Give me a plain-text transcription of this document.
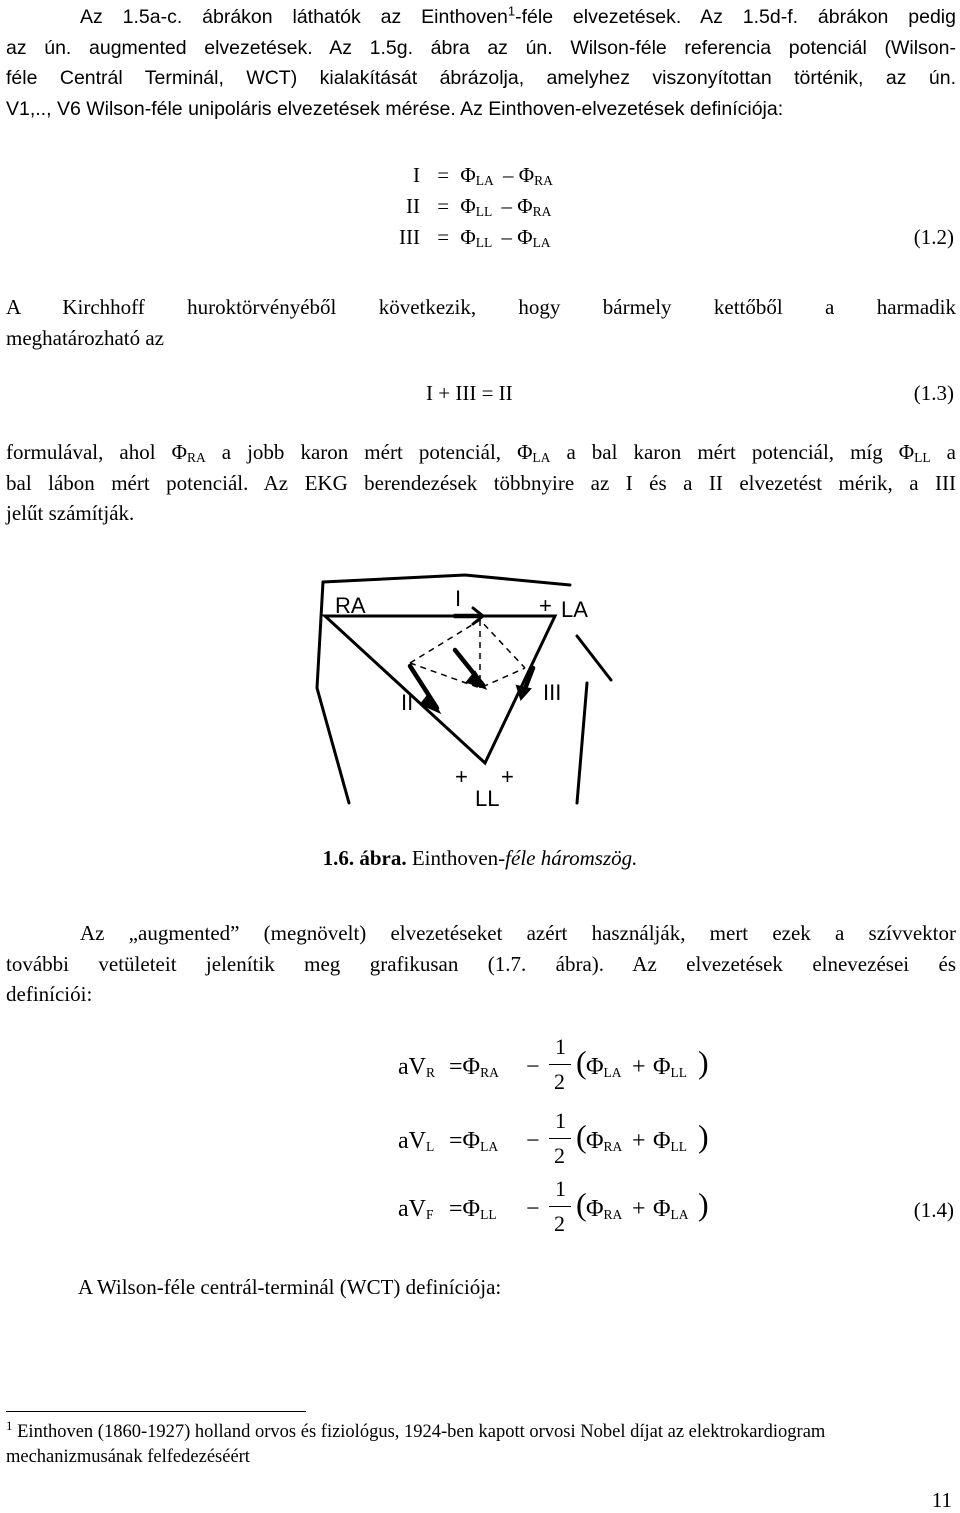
Az 1.5a-c. ábrákon láthatók az Einthoven$^1$-féle elvezetések. Az 1.5d-f. ábrákon pedig
az ún. augmented elvezetések. Az 1.5g. ábra az ún. Wilson-féle referencia potenciál (Wilson-
féle Centrál Terminál, WCT) kialakítását ábrázolja, amelyhez viszonyítottan történik, az ún.
V1,.., V6 Wilson-féle unipoláris elvezetések mérése. Az Einthoven-elvezetések definíciója:
$I = \Phi_{LA} - \Phi_{RA}$
II = $\Phi_{LL} - \Phi_{RA}$
III = $\Phi_{LL} - \Phi_{LA}$	(1.2)
A Kirchhoff huroktörvényéből következik, hogy bármely kettőből a harmadik
meghatározható az
I + III = II	(1.3)
formulával, ahol $\Phi_{RA}$ a jobb karon mért potenciál, $\Phi_{LA}$ a bal karon mért potenciál, míg $\Phi_{LL}$ a
bal lábon mért potenciál. Az EKG berendezések többnyire az I és a II elvezetést mérik, a III
jelűt számítják.
RA	I	+ LA
II	III
+ +
LL
1.6. ábra. Einthoven-féle háromszög.
Az „augmented” (megnövelt) elvezetéseket azért használják, mert ezek a szívvektor
további vetületeit jelenítik meg grafikusan (1.7. ábra). Az elvezetések elnevezései és
definíciói:
$aV_R =\Phi_{RA}$ −
1
2
( $\Phi_{LA} + \Phi_{LL}$ )
$aV_L =\Phi_{LA}$ −
1
2
( $\Phi_{RA} + \Phi_{LL}$ )
$aV_F =\Phi_{LL}$ −
1
2
( $\Phi_{RA} + \Phi_{LA}$ )	(1.4)
A Wilson-féle centrál-terminál (WCT) definíciója:
$^1$ Einthoven (1860-1927) holland orvos és fiziológus, 1924-ben kapott orvosi Nobel díjat az elektrokardiogram
mechanizmusának felfedezéséért
11
